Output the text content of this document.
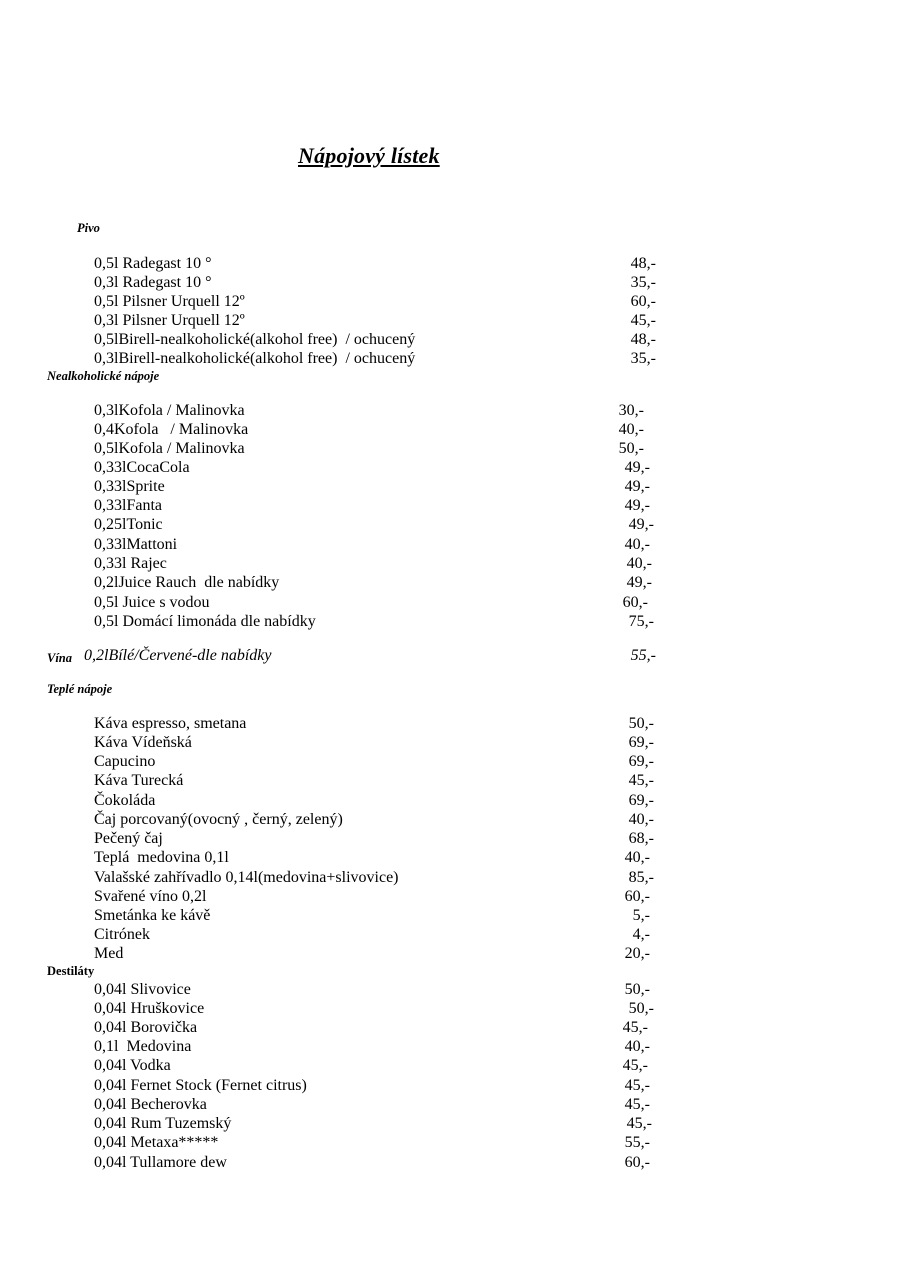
Nápojový lístek
Pivo
0,5l Radegast 10 °	48,-
0,3l Radegast 10 °	35,-
0,5l Pilsner Urquell 12º	60,-
0,3l Pilsner Urquell 12º	45,-
0,5lBirell-nealkoholické(alkohol free)  / ochucený	48,-
0,3lBirell-nealkoholické(alkohol free)  / ochucený	35,-
Nealkoholické nápoje
0,3lKofola / Malinovka	30,-
0,4Kofola   / Malinovka	40,-
0,5lKofola / Malinovka	50,-
0,33lCocaCola	49,-
0,33lSprite	49,-
0,33lFanta	49,-
0,25lTonic	49,-
0,33lMattoni	40,-
0,33l Rajec	40,-
0,2lJuice Rauch  dle nabídky	49,-
0,5l Juice s vodou	60,-
0,5l Domácí limonáda dle nabídky	75,-
Vína 0,2lBílé/Červené-dle nabídky	55,-
Teplé nápoje
Káva espresso, smetana	50,-
Káva Vídeňská	69,-
Capucino	69,-
Káva Turecká	45,-
Čokoláda	69,-
Čaj porcovaný(ovocný , černý, zelený)	40,-
Pečený čaj	68,-
Teplá  medovina 0,1l	40,-
Valašské zahřívadlo 0,14l(medovina+slivovice)	85,-
Svařené víno 0,2l	60,-
Smetánka ke kávě	5,-
Citrónek	4,-
Med	20,-
Destiláty
0,04l Slivovice	50,-
0,04l Hruškovice	50,-
0,04l Borovička	45,-
0,1l  Medovina	40,-
0,04l Vodka	45,-
0,04l Fernet Stock (Fernet citrus)	45,-
0,04l Becherovka	45,-
0,04l Rum Tuzemský	45,-
0,04l Metaxa*****	55,-
0,04l Tullamore dew	60,-
